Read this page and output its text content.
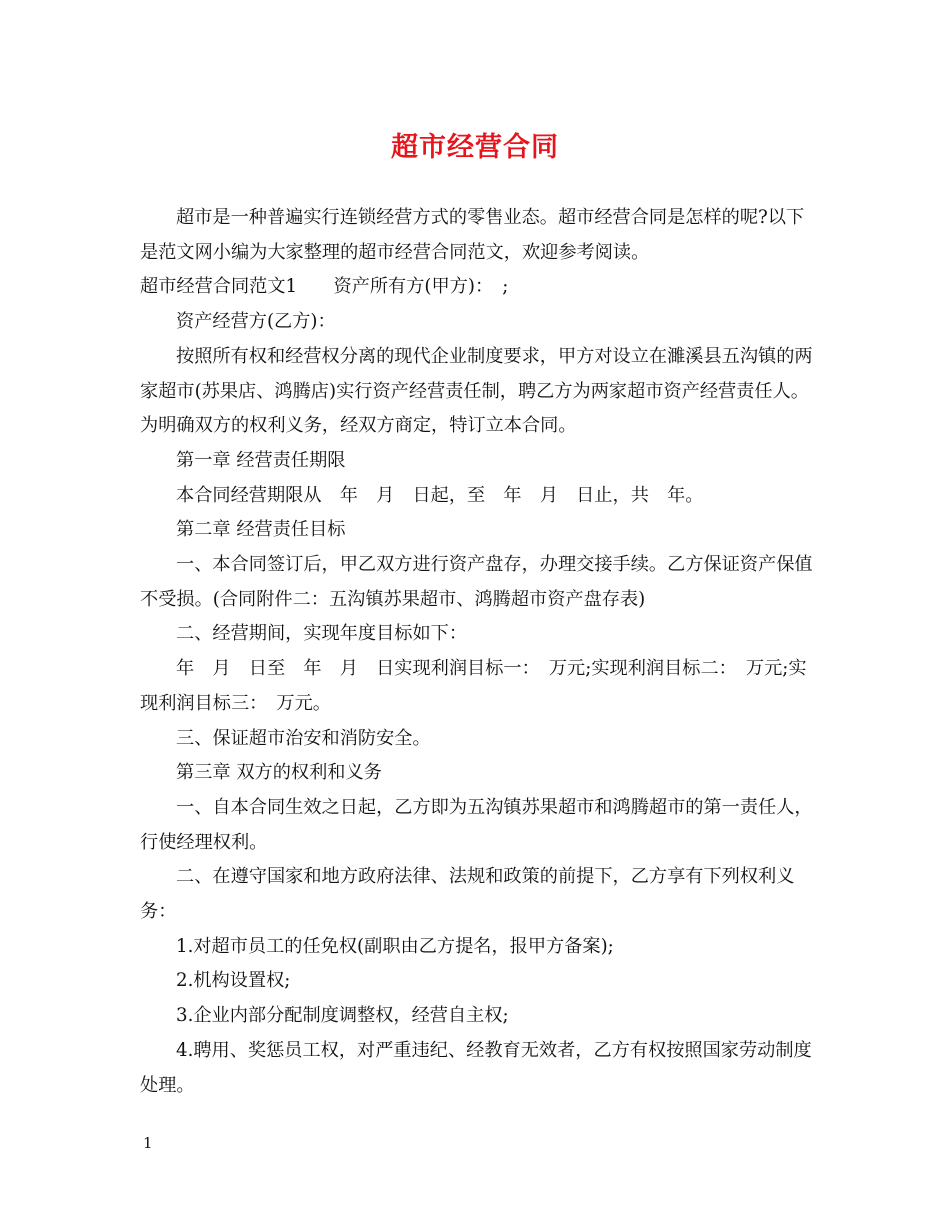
超市经营合同

超市是一种普遍实行连锁经营方式的零售业态。超市经营合同是怎样的呢?以下是范文网小编为大家整理的超市经营合同范文，欢迎参考阅读。

超市经营合同范文1　　资产所有方(甲方)：　;

资产经营方(乙方)：

按照所有权和经营权分离的现代企业制度要求，甲方对设立在濉溪县五沟镇的两家超市(苏果店、鸿腾店)实行资产经营责任制，聘乙方为两家超市资产经营责任人。为明确双方的权利义务，经双方商定，特订立本合同。

第一章 经营责任期限

本合同经营期限从　年　月　日起，至　年　月　日止，共　年。

第二章 经营责任目标

一、本合同签订后，甲乙双方进行资产盘存，办理交接手续。乙方保证资产保值不受损。(合同附件二：五沟镇苏果超市、鸿腾超市资产盘存表)

二、经营期间，实现年度目标如下：

年　月　日至　年　月　日实现利润目标一：　万元;实现利润目标二：　万元;实现利润目标三：　万元。

三、保证超市治安和消防安全。

第三章 双方的权利和义务

一、自本合同生效之日起，乙方即为五沟镇苏果超市和鸿腾超市的第一责任人，行使经理权利。

二、在遵守国家和地方政府法律、法规和政策的前提下，乙方享有下列权利义务：

1.对超市员工的任免权(副职由乙方提名，报甲方备案);

2.机构设置权;

3.企业内部分配制度调整权，经营自主权;

4.聘用、奖惩员工权，对严重违纪、经教育无效者，乙方有权按照国家劳动制度处理。

1
